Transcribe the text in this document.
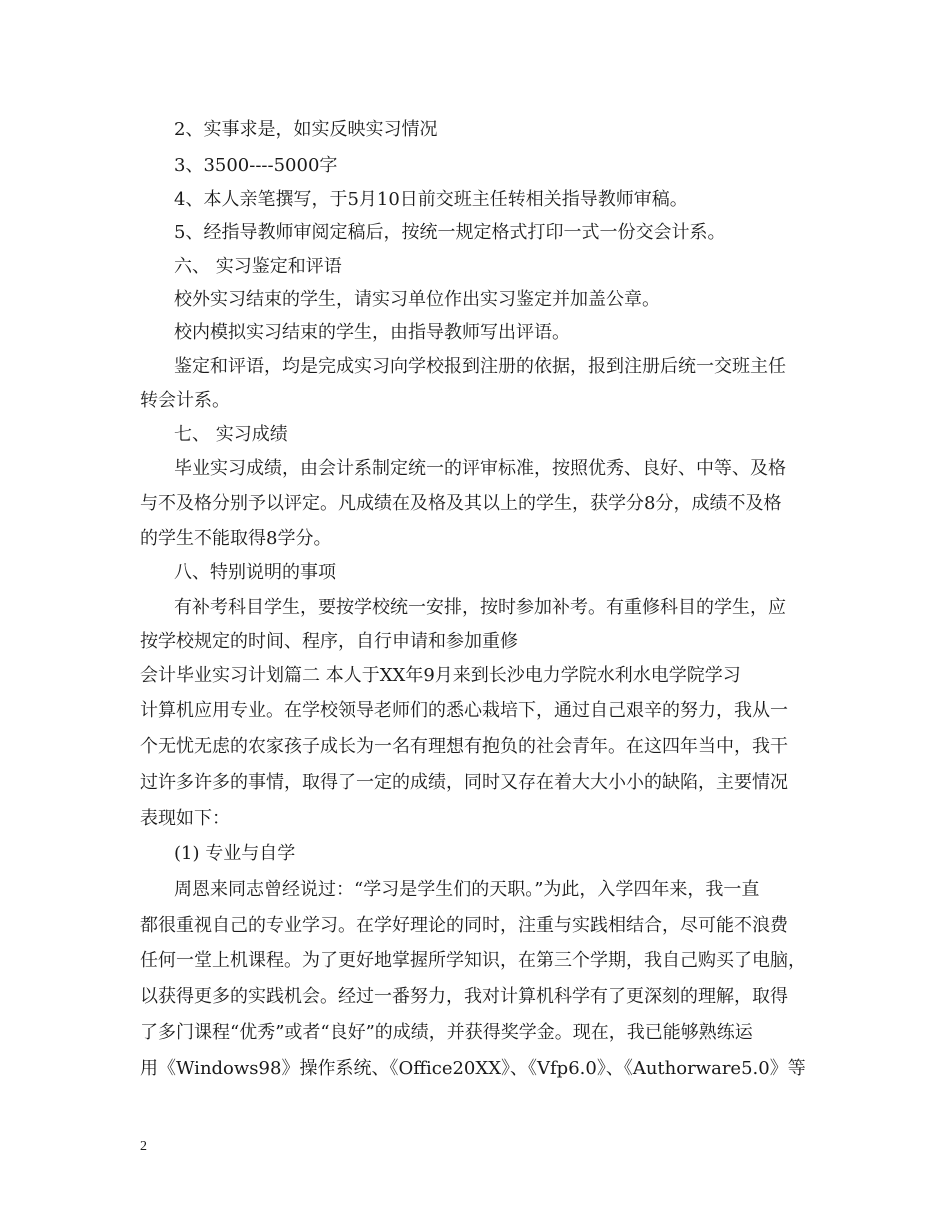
2、实事求是，如实反映实习情况
3、3500----5000字
4、本人亲笔撰写，于5月10日前交班主任转相关指导教师审稿。
5、经指导教师审阅定稿后，按统一规定格式打印一式一份交会计系。
六、 实习鉴定和评语
校外实习结束的学生，请实习单位作出实习鉴定并加盖公章。
校内模拟实习结束的学生，由指导教师写出评语。
鉴定和评语，均是完成实习向学校报到注册的依据，报到注册后统一交班主任
转会计系。
七、 实习成绩
毕业实习成绩，由会计系制定统一的评审标准，按照优秀、良好、中等、及格
与不及格分别予以评定。凡成绩在及格及其以上的学生，获学分8分，成绩不及格
的学生不能取得8学分。
八、特别说明的事项
有补考科目学生，要按学校统一安排，按时参加补考。有重修科目的学生，应
按学校规定的时间、程序，自行申请和参加重修
会计毕业实习计划篇二 本人于XX年9月来到长沙电力学院水利水电学院学习
计算机应用专业。在学校领导老师们的悉心栽培下，通过自己艰辛的努力，我从一
个无忧无虑的农家孩子成长为一名有理想有抱负的社会青年。在这四年当中，我干
过许多许多的事情，取得了一定的成绩，同时又存在着大大小小的缺陷，主要情况
表现如下：
(1) 专业与自学
周恩来同志曾经说过：“学习是学生们的天职。”为此，入学四年来，我一直
都很重视自己的专业学习。在学好理论的同时，注重与实践相结合，尽可能不浪费
任何一堂上机课程。为了更好地掌握所学知识，在第三个学期，我自己购买了电脑，
以获得更多的实践机会。经过一番努力，我对计算机科学有了更深刻的理解，取得
了多门课程“优秀”或者“良好”的成绩，并获得奖学金。现在，我已能够熟练运
用《Windows98》操作系统、《Office20XX》、《Vfp6.0》、《Authorware5.0》等
2
